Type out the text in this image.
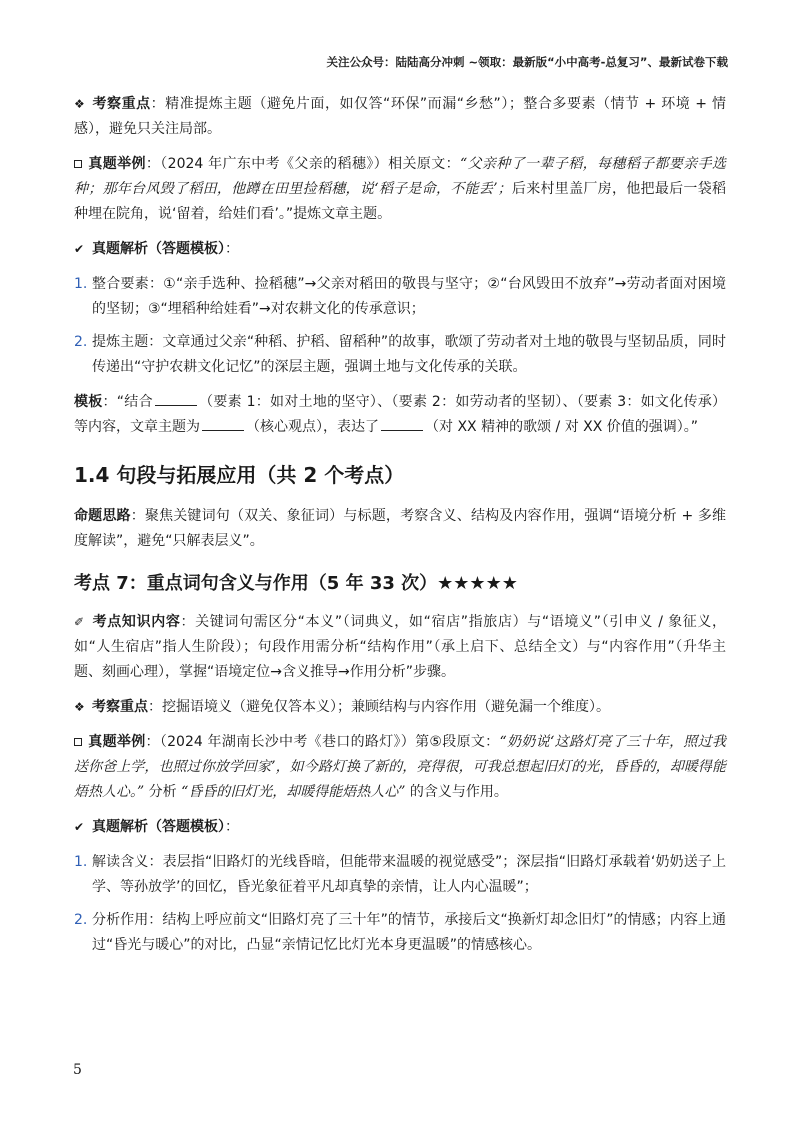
关注公众号：陆陆高分冲刺 ~领取：最新版“小中高考-总复习”、最新试卷下载

❖ 考察重点：精准提炼主题（避免片面，如仅答“环保”而漏“乡愁”）；整合多要素（情节 + 环境 + 情感），避免只关注局部。

真题举例：（2024 年广东中考《父亲的稻穗》）相关原文：“父亲种了一辈子稻，每穗稻子都要亲手选种；那年台风毁了稻田，他蹲在田里捡稻穗，说‘稻子是命，不能丢’；后来村里盖厂房，他把最后一袋稻种埋在院角，说‘留着，给娃们看’。”提炼文章主题。

✔ 真题解析（答题模板）：

1. 整合要素：①“亲手选种、捡稻穗”→父亲对稻田的敬畏与坚守；②“台风毁田不放弃”→劳动者面对困境的坚韧；③“埋稻种给娃看”→对农耕文化的传承意识；
2. 提炼主题：文章通过父亲“种稻、护稻、留稻种”的故事，歌颂了劳动者对土地的敬畏与坚韧品质，同时传递出“守护农耕文化记忆”的深层主题，强调土地与文化传承的关联。

模板：“结合	（要素 1：如对土地的坚守）、（要素 2：如劳动者的坚韧）、（要素 3：如文化传承）等内容，文章主题为	（核心观点），表达了	（对 XX 精神的歌颂 / 对 XX 价值的强调）。”

1.4 句段与拓展应用（共 2 个考点）

命题思路：聚焦关键词句（双关、象征词）与标题，考察含义、结构及内容作用，强调“语境分析 + 多维度解读”，避免“只解表层义”。

考点 7：重点词句含义与作用（5 年 33 次）★★★★★

✐ 考点知识内容：关键词句需区分“本义”（词典义，如“宿店”指旅店）与“语境义”（引申义 / 象征义，如“人生宿店”指人生阶段）；句段作用需分析“结构作用”（承上启下、总结全文）与“内容作用”（升华主题、刻画心理），掌握“语境定位→含义推导→作用分析”步骤。

❖ 考察重点：挖掘语境义（避免仅答本义）；兼顾结构与内容作用（避免漏一个维度）。

真题举例：（2024 年湖南长沙中考《巷口的路灯》）第⑤段原文：“奶奶说‘这路灯亮了三十年，照过我送你爸上学，也照过你放学回家’，如今路灯换了新的，亮得很，可我总想起旧灯的光，昏昏的，却暖得能焐热人心。” 分析 “昏昏的旧灯光，却暖得能焐热人心” 的含义与作用。

✔ 真题解析（答题模板）：

1. 解读含义：表层指“旧路灯的光线昏暗，但能带来温暖的视觉感受”；深层指“旧路灯承载着‘奶奶送子上学、等孙放学’的回忆，昏光象征着平凡却真挚的亲情，让人内心温暖”；
2. 分析作用：结构上呼应前文“旧路灯亮了三十年”的情节，承接后文“换新灯却念旧灯”的情感；内容上通过“昏光与暖心”的对比，凸显“亲情记忆比灯光本身更温暖”的情感核心。
5
